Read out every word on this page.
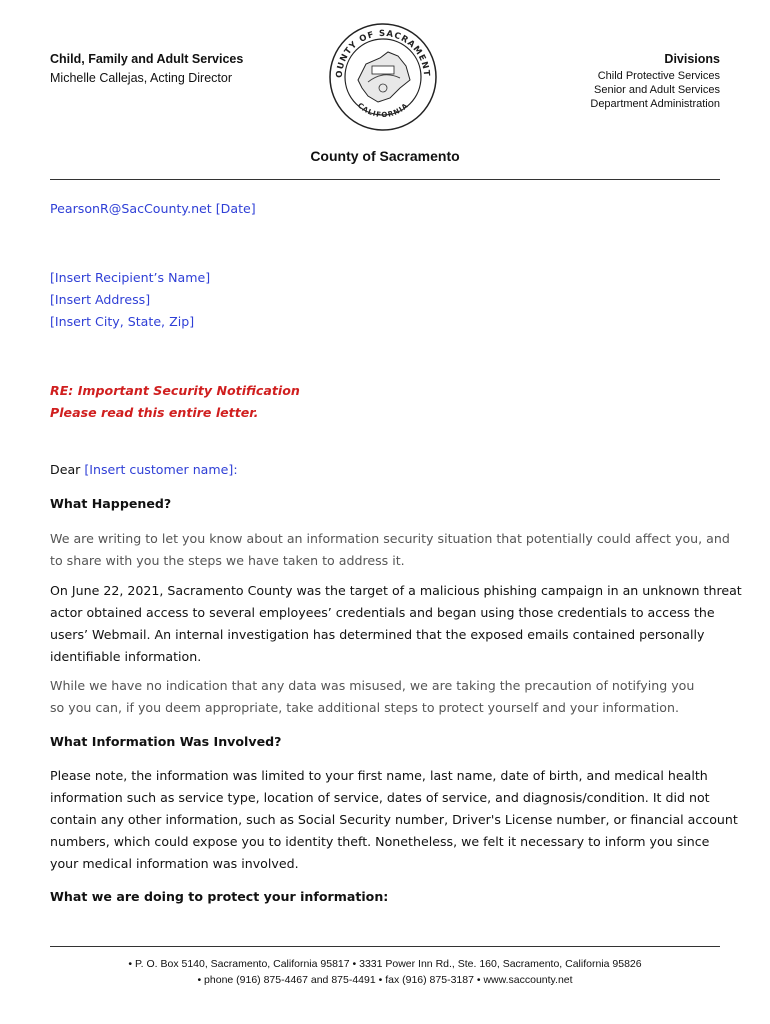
Child, Family and Adult Services
Michelle Callejas, Acting Director	OUNTY OF SACRAMENT
CALIFORNIA
Divisions
Child Protective Services
Senior and Adult Services
Department Administration
County of Sacramento
PearsonR@SacCounty.net [Date]
[Insert Recipient’s Name]
[Insert Address]
[Insert City, State, Zip]
RE: Important Security Notification
Please read this entire letter.
Dear [Insert customer name]:
What Happened?
We are writing to let you know about an information security situation that potentially could affect you, and
to share with you the steps we have taken to address it.
On June 22, 2021, Sacramento County was the target of a malicious phishing campaign in an unknown threat
actor obtained access to several employees’ credentials and began using those credentials to access the
users’ Webmail. An internal investigation has determined that the exposed emails contained personally
identifiable information.
While we have no indication that any data was misused, we are taking the precaution of notifying you
so you can, if you deem appropriate, take additional steps to protect yourself and your information.
What Information Was Involved?
Please note, the information was limited to your first name, last name, date of birth, and medical health
information such as service type, location of service, dates of service, and diagnosis/condition. It did not
contain any other information, such as Social Security number, Driver's License number, or financial account
numbers, which could expose you to identity theft. Nonetheless, we felt it necessary to inform you since
your medical information was involved.
What we are doing to protect your information:
• P. O. Box 5140, Sacramento, California 95817 • 3331 Power Inn Rd., Ste. 160, Sacramento, California 95826
• phone (916) 875-4467 and 875-4491 • fax (916) 875-3187 • www.saccounty.net
